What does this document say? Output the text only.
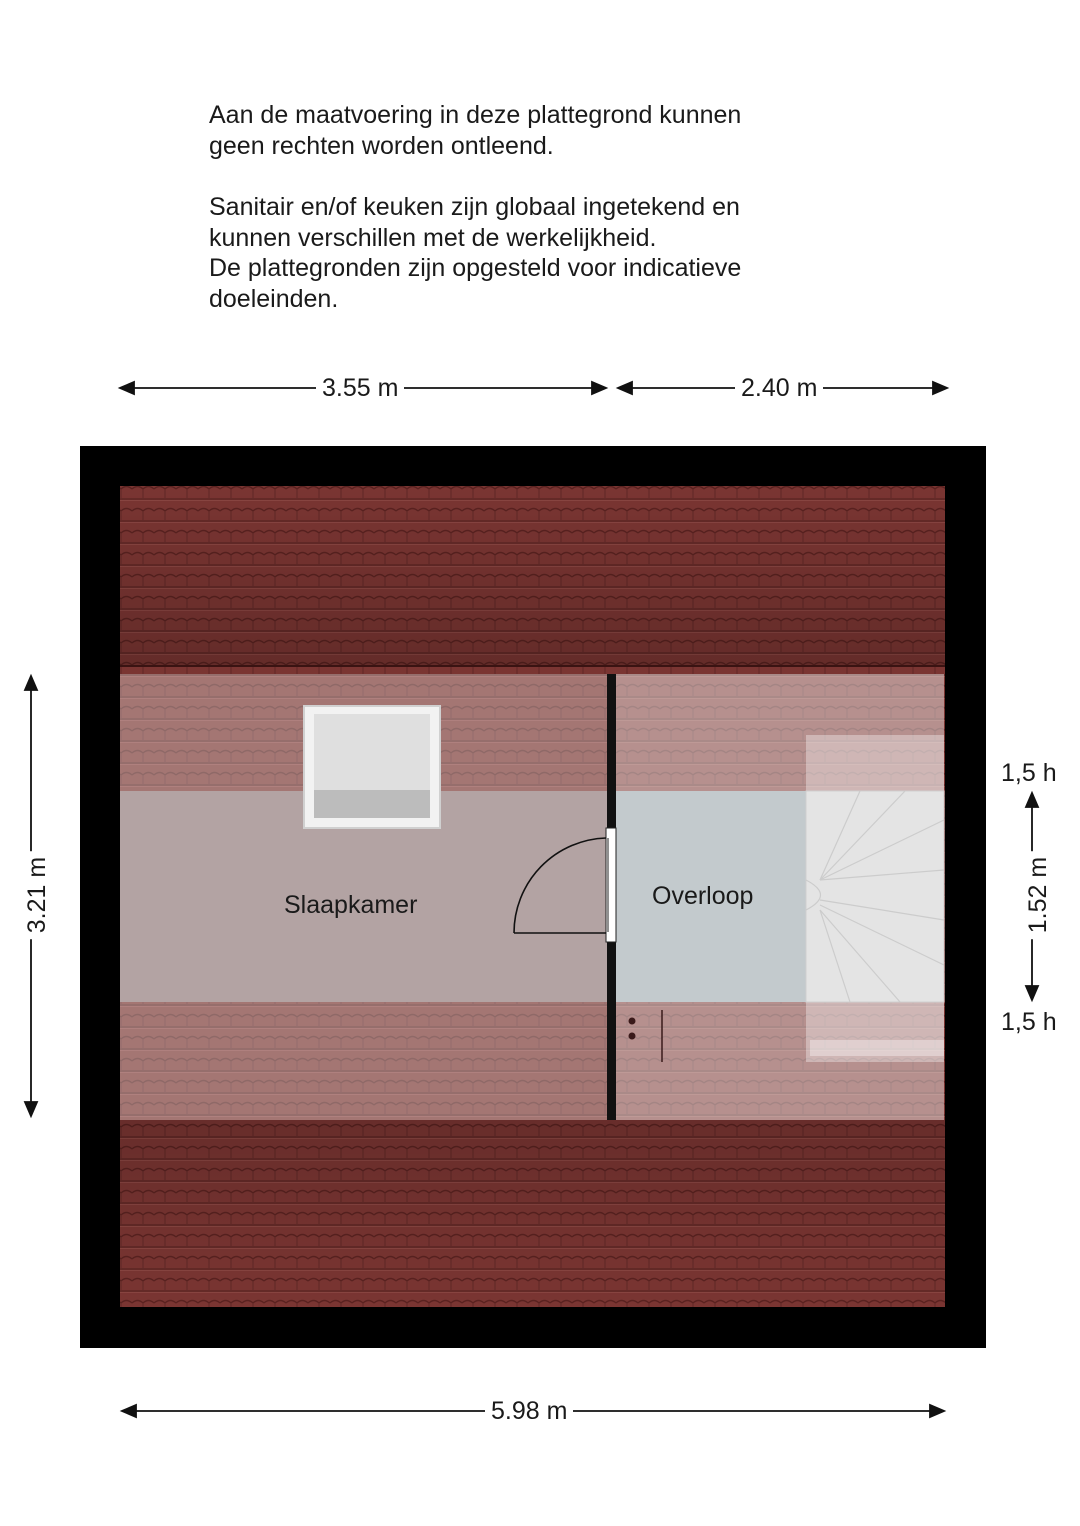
Aan de maatvoering in deze plattegrond kunnen
geen rechten worden ontleend.

Sanitair en/of keuken zijn globaal ingetekend en
kunnen verschillen met de werkelijkheid.
De plattegronden zijn opgesteld voor indicatieve
doeleinden.

3.55 m	2.40 m
5.98 m
3.21 m	1.52 m
1,5 h
1,5 h
Slaapkamer	Overloop
